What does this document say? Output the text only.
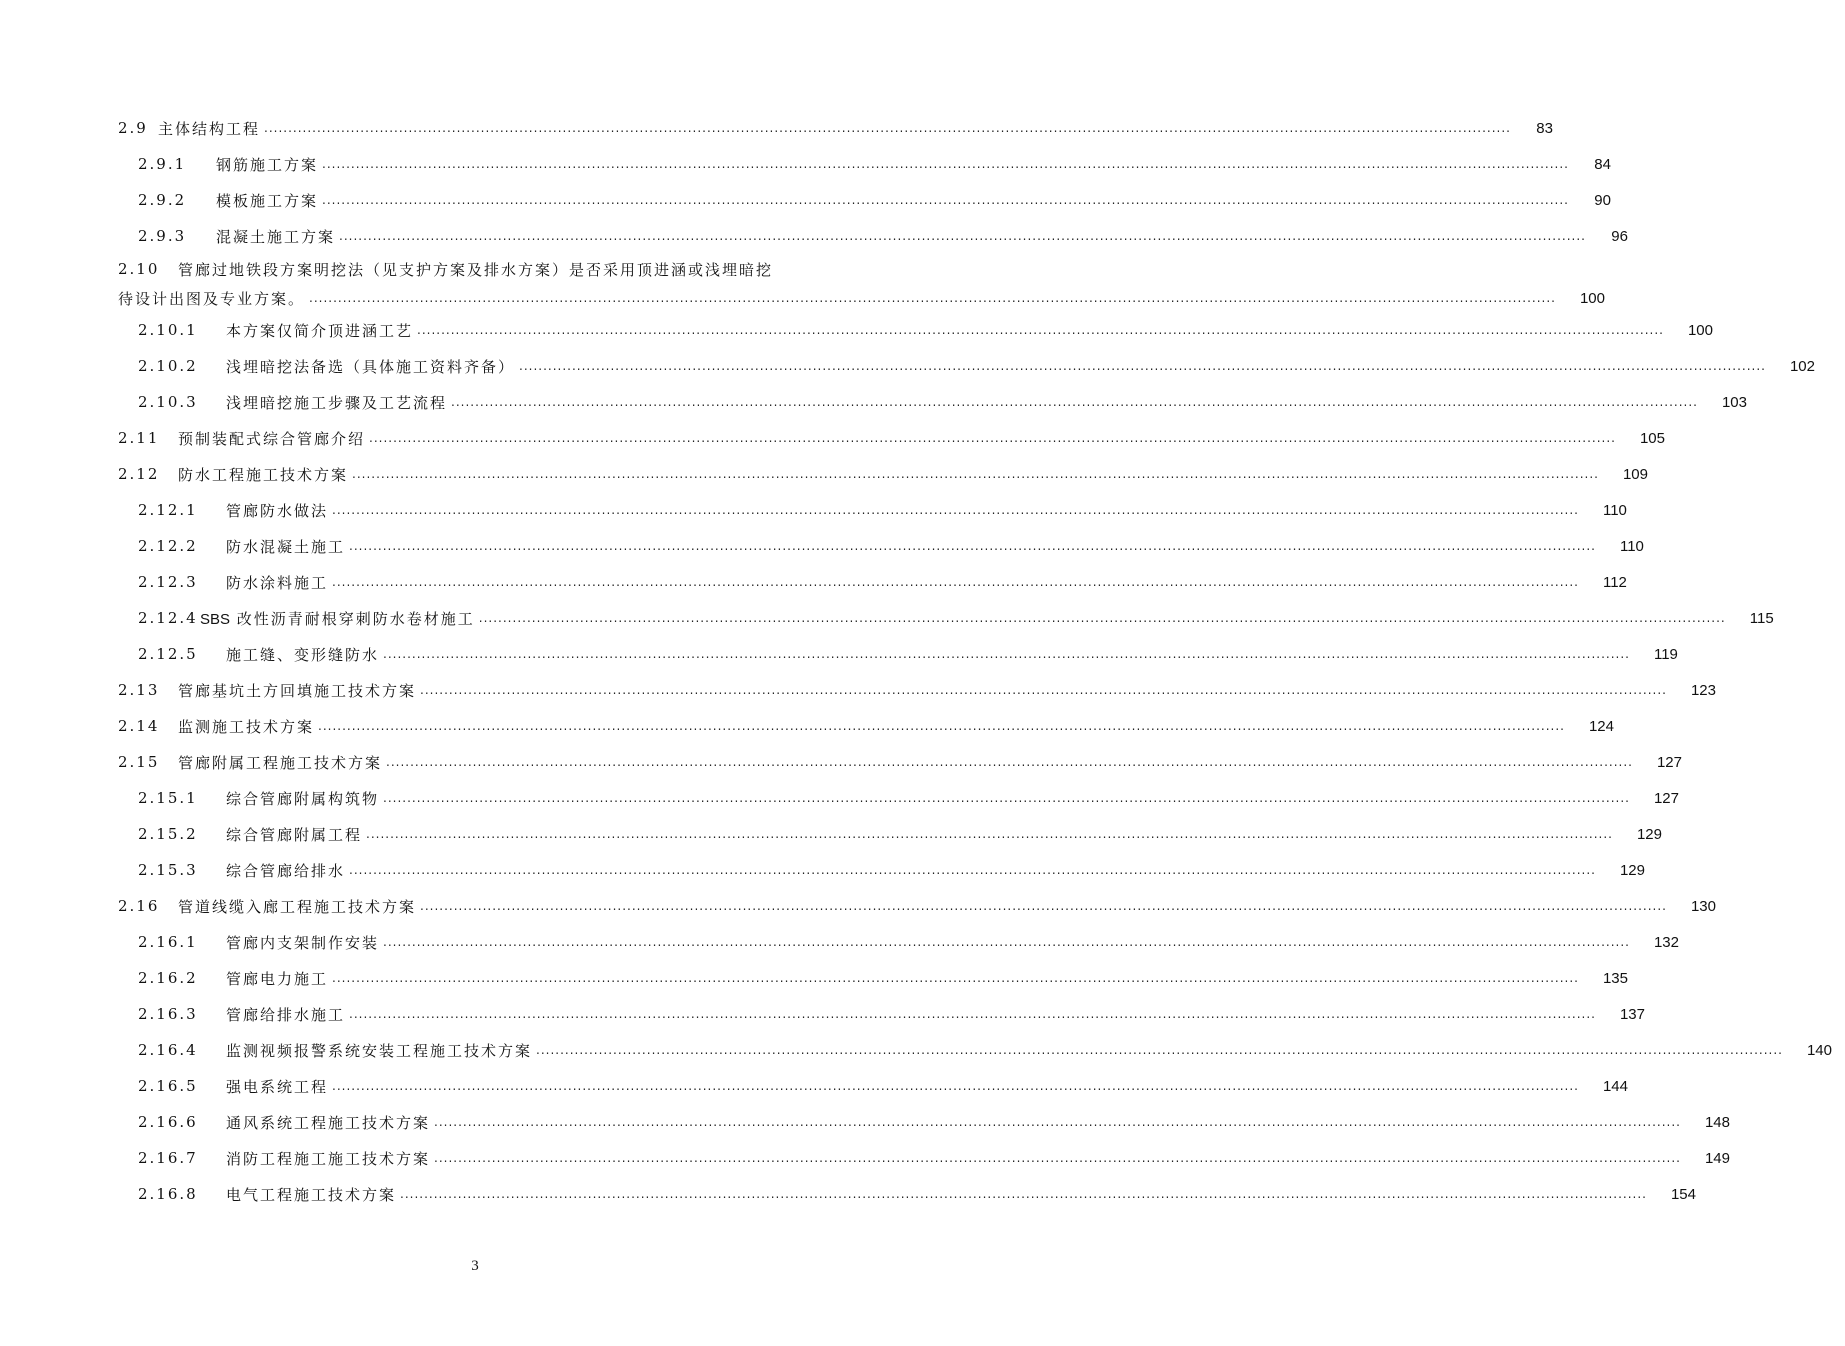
2.9 主体结构工程 .....	83
2.9.1	钢筋施工方案 .....	84
2.9.2	模板施工方案 .....	90
2.9.3	混凝土施工方案 .....	96
2.10	管廊过地铁段方案明挖法（见支护方案及排水方案）是否采用顶进涵或浅埋暗挖
待设计出图及专业方案。 .....	100
2.10.1	本方案仅简介顶进涵工艺 .....	100
2.10.2	浅埋暗挖法备选（具体施工资料齐备） .....	102
2.10.3	浅埋暗挖施工步骤及工艺流程 .....	103
2.11	预制装配式综合管廊介绍 .....	105
2.12	防水工程施工技术方案 .....	109
2.12.1	管廊防水做法 .....	110
2.12.2	防水混凝土施工 .....	110
2.12.3	防水涂料施工 .....	112
2.12.4 SBS 改性沥青耐根穿刺防水卷材施工 .....	115
2.12.5	施工缝、变形缝防水 .....	119
2.13	管廊基坑土方回填施工技术方案 .....	123
2.14	监测施工技术方案 .....	124
2.15	管廊附属工程施工技术方案 .....	127
2.15.1	综合管廊附属构筑物 .....	127
2.15.2	综合管廊附属工程 .....	129
2.15.3	综合管廊给排水 .....	129
2.16	管道线缆入廊工程施工技术方案 .....	130
2.16.1	管廊内支架制作安装 .....	132
2.16.2	管廊电力施工 .....	135
2.16.3	管廊给排水施工 .....	137
2.16.4	监测视频报警系统安装工程施工技术方案 .....	140
2.16.5	强电系统工程 .....	144
2.16.6	通风系统工程施工技术方案 .....	148
2.16.7	消防工程施工施工技术方案 .....	149
2.16.8	电气工程施工技术方案 .....	154
3
